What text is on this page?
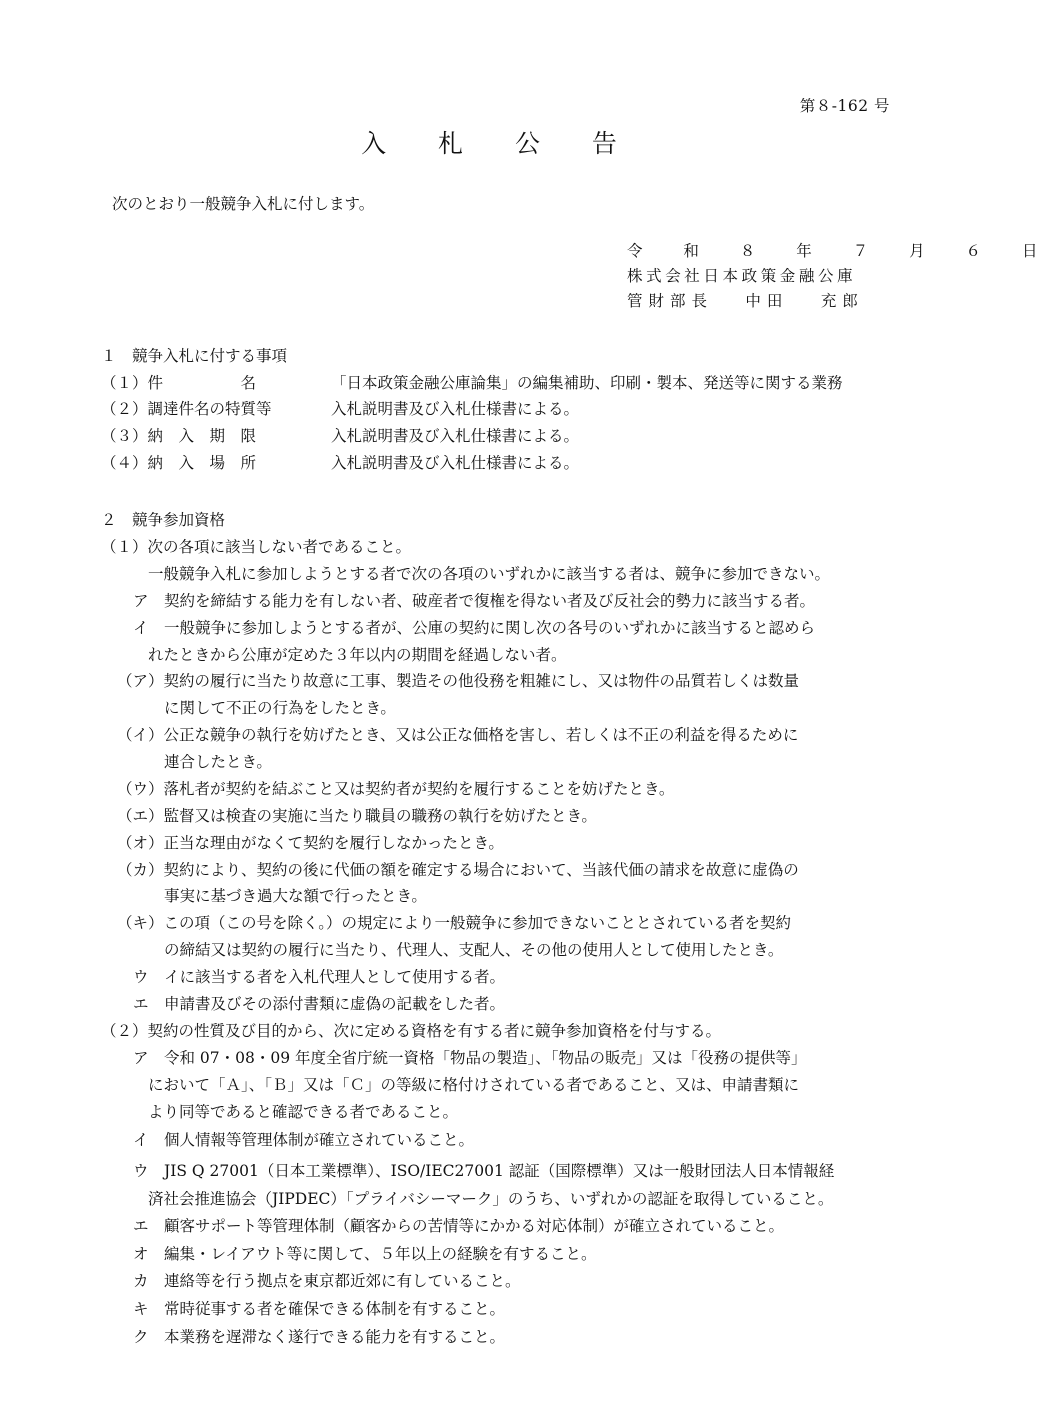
第８-162 号
入 札 公 告
次のとおり一般競争入札に付します。
令 和 ８ 年 ７ 月 ６ 日
株式会社日本政策金融公庫
管財部長　 中田　 充郎
１　競争入札に付する事項
（１）件　　　　　名	「日本政策金融公庫論集」の編集補助、印刷・製本、発送等に関する業務
（２）調達件名の特質等	入札説明書及び入札仕様書による。
（３）納　入　期　限	入札説明書及び入札仕様書による。
（４）納　入　場　所	入札説明書及び入札仕様書による。
２　競争参加資格
（１）次の各項に該当しない者であること。
一般競争入札に参加しようとする者で次の各項のいずれかに該当する者は、競争に参加できない。
ア　契約を締結する能力を有しない者、破産者で復権を得ない者及び反社会的勢力に該当する者。
イ　一般競争に参加しようとする者が、公庫の契約に関し次の各号のいずれかに該当すると認めら
れたときから公庫が定めた３年以内の期間を経過しない者。
（ア）契約の履行に当たり故意に工事、製造その他役務を粗雑にし、又は物件の品質若しくは数量
に関して不正の行為をしたとき。
（イ）公正な競争の執行を妨げたとき、又は公正な価格を害し、若しくは不正の利益を得るために
連合したとき。
（ウ）落札者が契約を結ぶこと又は契約者が契約を履行することを妨げたとき。
（エ）監督又は検査の実施に当たり職員の職務の執行を妨げたとき。
（オ）正当な理由がなくて契約を履行しなかったとき。
（カ）契約により、契約の後に代価の額を確定する場合において、当該代価の請求を故意に虚偽の
事実に基づき過大な額で行ったとき。
（キ）この項（この号を除く。）の規定により一般競争に参加できないこととされている者を契約
の締結又は契約の履行に当たり、代理人、支配人、その他の使用人として使用したとき。
ウ　イに該当する者を入札代理人として使用する者。
エ　申請書及びその添付書類に虚偽の記載をした者。
（２）契約の性質及び目的から、次に定める資格を有する者に競争参加資格を付与する。
ア　令和 07・08・09 年度全省庁統一資格「物品の製造」、「物品の販売」又は「役務の提供等」
において「Ａ」、「Ｂ」又は「Ｃ」の等級に格付けされている者であること、又は、申請書類に
より同等であると確認できる者であること。
イ　個人情報等管理体制が確立されていること。
ウ　JIS Q 27001（日本工業標準）、ISO/IEC27001 認証（国際標準）又は一般財団法人日本情報経
済社会推進協会（JIPDEC）「プライバシーマーク」のうち、いずれかの認証を取得していること。
エ　顧客サポート等管理体制（顧客からの苦情等にかかる対応体制）が確立されていること。
オ　編集・レイアウト等に関して、５年以上の経験を有すること。
カ　連絡等を行う拠点を東京都近郊に有していること。
キ　常時従事する者を確保できる体制を有すること。
ク　本業務を遅滞なく遂行できる能力を有すること。
